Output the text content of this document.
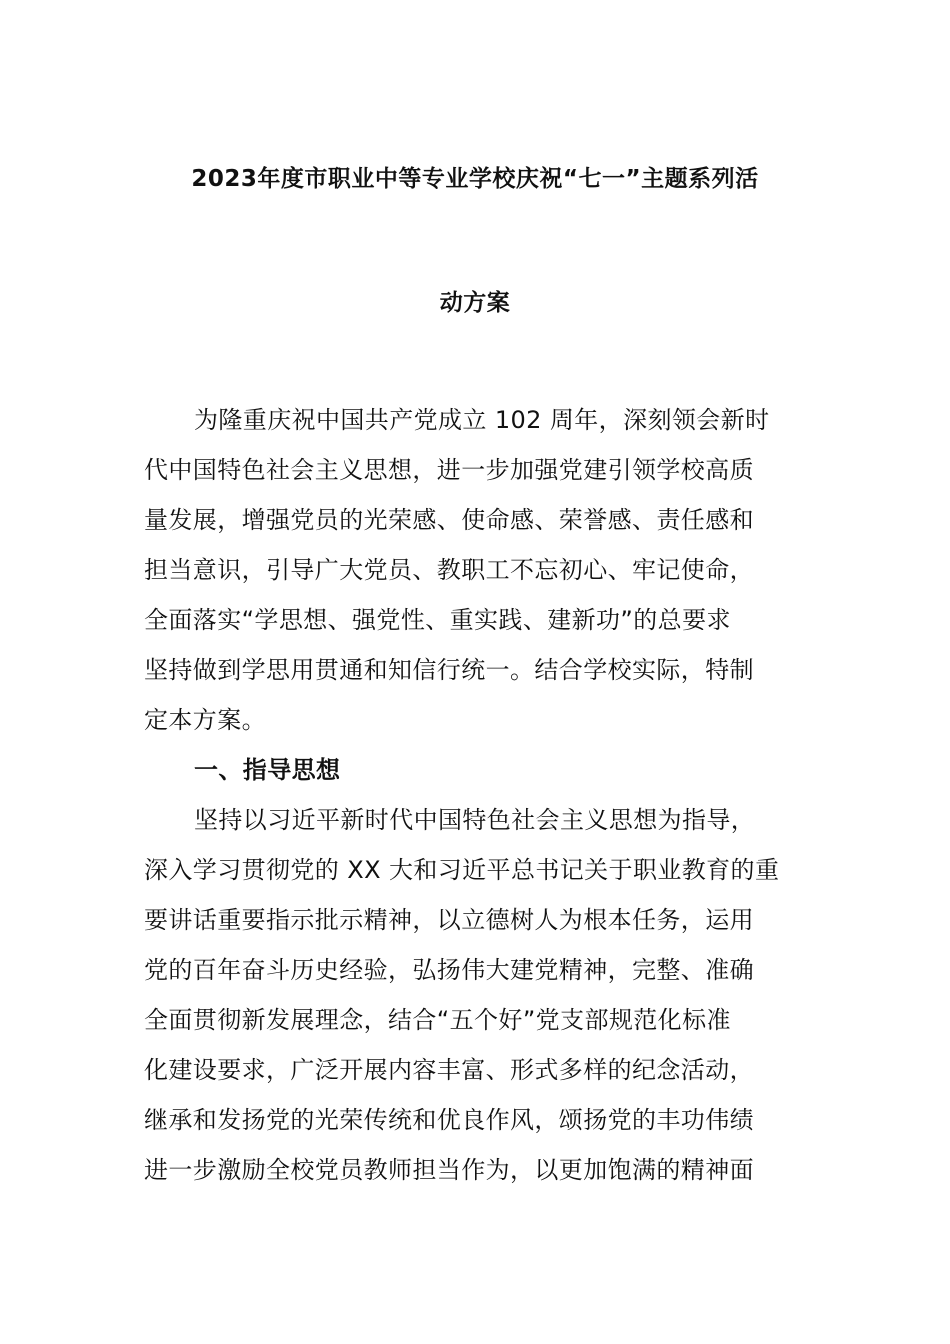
2023年度市职业中等专业学校庆祝“七一”主题系列活
动方案
为隆重庆祝中国共产党成立 102 周年，深刻领会新时
代中国特色社会主义思想，进一步加强党建引领学校高质
量发展，增强党员的光荣感、使命感、荣誉感、责任感和
担当意识，引导广大党员、教职工不忘初心、牢记使命，
全面落实“学思想、强党性、重实践、建新功”的总要求
坚持做到学思用贯通和知信行统一。结合学校实际，特制
定本方案。
一、指导思想
坚持以习近平新时代中国特色社会主义思想为指导，
深入学习贯彻党的 XX 大和习近平总书记关于职业教育的重
要讲话重要指示批示精神，以立德树人为根本任务，运用
党的百年奋斗历史经验，弘扬伟大建党精神，完整、准确
全面贯彻新发展理念，结合“五个好”党支部规范化标准
化建设要求，广泛开展内容丰富、形式多样的纪念活动，
继承和发扬党的光荣传统和优良作风，颂扬党的丰功伟绩
进一步激励全校党员教师担当作为，以更加饱满的精神面
